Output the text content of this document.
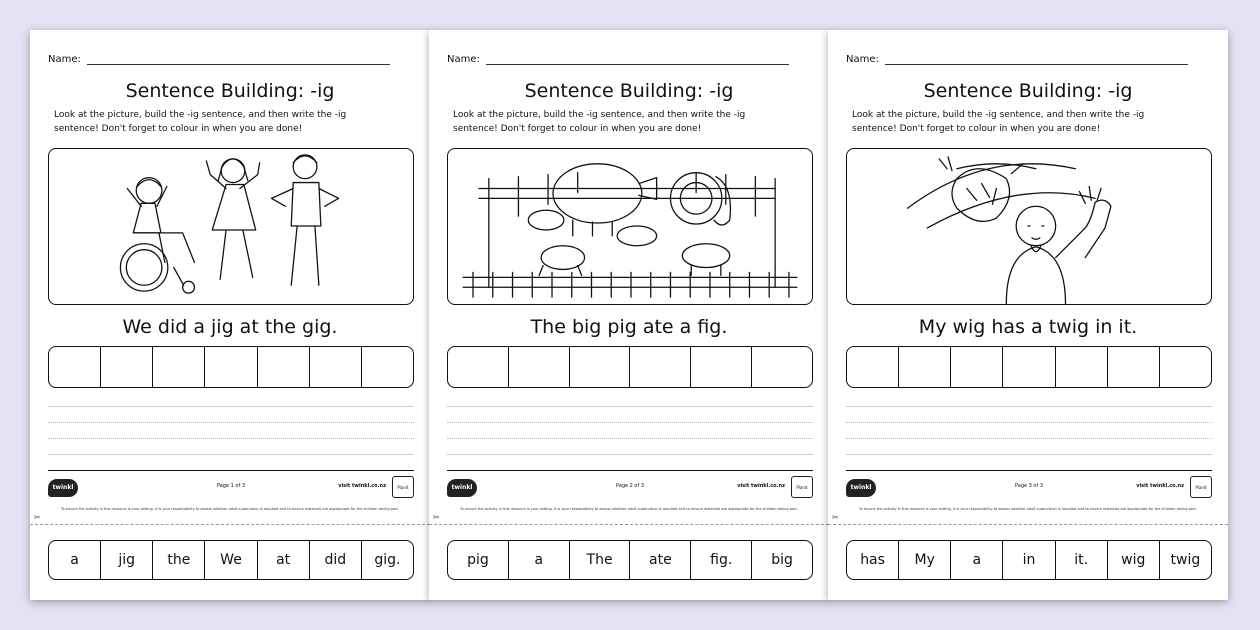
Name:
Sentence Building: -ig
Look at the picture, build the -ig sentence, and then write the -ig sentence! Don't forget to colour in when you are done!
We did a jig at the gig.
twinkl	Page 1 of 3	visit twinkl.co.nz	Planit
To ensure the activity in this resource is your setting, it is your responsibility to assess whether adult supervision is required and to ensure materials are appropriate for the children taking part.
✂
a	jig	the	We	at	did	gig.
Name:
Sentence Building: -ig
Look at the picture, build the -ig sentence, and then write the -ig sentence! Don't forget to colour in when you are done!
The big pig ate a fig.
twinkl	Page 2 of 3	visit twinkl.co.nz	Planit
To ensure the activity in this resource is your setting, it is your responsibility to assess whether adult supervision is required and to ensure materials are appropriate for the children taking part.
✂
pig	a	The	ate	fig.	big
Name:
Sentence Building: -ig
Look at the picture, build the -ig sentence, and then write the -ig sentence! Don't forget to colour in when you are done!
My wig has a twig in it.
twinkl	Page 3 of 3	visit twinkl.co.nz	Planit
To ensure the activity in this resource is your setting, it is your responsibility to assess whether adult supervision is required and to ensure materials are appropriate for the children taking part.
✂
has	My	a	in	it.	wig	twig
